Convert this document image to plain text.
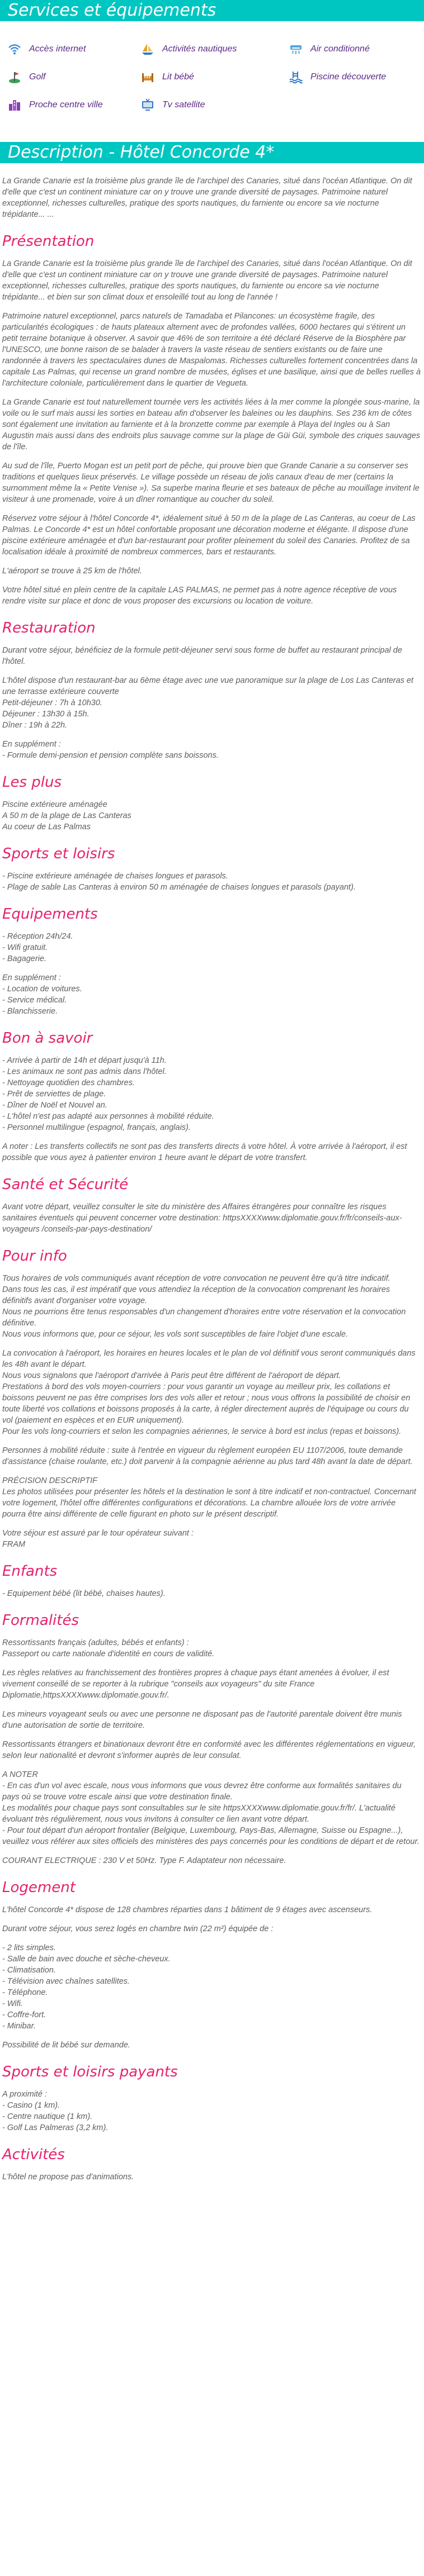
Services et équipements
Accès internet	Activités nautiques	Air conditionné
Golf	Lit bébé	Piscine découverte
Proche centre ville	Tv satellite
Description - Hôtel Concorde 4*

La Grande Canarie est la troisième plus grande île de l'archipel des Canaries, situé dans l'océan Atlantique. On dit d'elle que c'est un continent miniature car on y trouve une grande diversité de paysages. Patrimoine naturel exceptionnel, richesses culturelles, pratique des sports nautiques, du farniente ou encore sa vie nocturne trépidante... ...

Présentation
La Grande Canarie est la troisième plus grande île de l'archipel des Canaries, situé dans l'océan Atlantique. On dit d'elle que c'est un continent miniature car on y trouve une grande diversité de paysages. Patrimoine naturel exceptionnel, richesses culturelles, pratique des sports nautiques, du farniente ou encore sa vie nocturne trépidante... et bien sur son climat doux et ensoleillé tout au long de l'année !
Patrimoine naturel exceptionnel, parcs naturels de Tamadaba et Pilancones: un écosystème fragile, des particularités écologiques : de hauts plateaux alternent avec de profondes vallées, 6000 hectares qui s'étirent un petit terraine botanique à observer. A savoir que 46% de son territoire a été déclaré Réserve de la Biosphère par l'UNESCO, une bonne raison de se balader à travers la vaste réseau de sentiers existants ou de faire une randonnée à travers les spectaculaires dunes de Maspalomas. Richesses culturelles fortement concentrées dans la capitale Las Palmas, qui recense un grand nombre de musées, églises et une basilique, ainsi que de belles ruelles à l'architecture coloniale, particulièrement dans le quartier de Vegueta.
La Grande Canarie est tout naturellement tournée vers les activités liées à la mer comme la plongée sous-marine, la voile ou le surf mais aussi les sorties en bateau afin d'observer les baleines ou les dauphins. Ses 236 km de côtes sont également une invitation au farniente et à la bronzette comme par exemple à Playa del Ingles ou à San Augustin mais aussi dans des endroits plus sauvage comme sur la plage de Güi Güi, symbole des criques sauvages de l'île.
Au sud de l'île, Puerto Mogan est un petit port de pêche, qui prouve bien que Grande Canarie a su conserver ses traditions et quelques lieux préservés. Le village possède un réseau de jolis canaux d'eau de mer (certains la surnomment même la « Petite Venise »). Sa superbe marina fleurie et ses bateaux de pêche au mouillage invitent le visiteur à une promenade, voire à un dîner romantique au coucher du soleil.
Réservez votre séjour à l'hôtel Concorde 4*, idéalement situé à 50 m de la plage de Las Canteras, au coeur de Las Palmas. Le Concorde 4* est un hôtel confortable proposant une décoration moderne et élégante. Il dispose d'une piscine extérieure aménagée et d'un bar-restaurant pour profiter pleinement du soleil des Canaries. Profitez de sa localisation idéale à proximité de nombreux commerces, bars et restaurants.
L'aéroport se trouve à 25 km de l'hôtel.
Votre hôtel situé en plein centre de la capitale LAS PALMAS, ne permet pas à notre agence réceptive de vous rendre visite sur place et donc de vous proposer des excursions ou location de voiture.
Restauration
Durant votre séjour, bénéficiez de la formule petit-déjeuner servi sous forme de buffet au restaurant principal de l'hôtel.
L'hôtel dispose d'un restaurant-bar au 6ème étage avec une vue panoramique sur la plage de Los Las Canteras et une terrasse extérieure couverte
Petit-déjeuner : 7h à 10h30.
Déjeuner : 13h30 à 15h.
Dîner : 19h à 22h.
En supplément :
- Formule demi-pension et pension complète sans boissons.
Les plus
Piscine extérieure aménagée
A 50 m de la plage de Las Canteras
Au coeur de Las Palmas
Sports et loisirs
- Piscine extérieure aménagée de chaises longues et parasols.
- Plage de sable Las Canteras à environ 50 m aménagée de chaises longues et parasols (payant).
Equipements
- Réception 24h/24.
- Wifi gratuit.
- Bagagerie.
En supplément :
- Location de voitures.
- Service médical.
- Blanchisserie.
Bon à savoir
- Arrivée à partir de 14h et départ jusqu'à 11h.
- Les animaux ne sont pas admis dans l'hôtel.
- Nettoyage quotidien des chambres.
- Prêt de serviettes de plage.
- Dîner de Noël et Nouvel an.
- L'hôtel n'est pas adapté aux personnes à mobilité réduite.
- Personnel multilingue (espagnol, français, anglais).
A noter : Les transferts collectifs ne sont pas des transferts directs à votre hôtel. À votre arrivée à l'aéroport, il est possible que vous ayez à patienter environ 1 heure avant le départ de votre transfert.
Santé et Sécurité
Avant votre départ, veuillez consulter le site du ministère des Affaires étrangères pour connaître les risques sanitaires éventuels qui peuvent concerner votre destination: httpsXXXXwww.diplomatie.gouv.fr/fr/conseils-aux-voyageurs /conseils-par-pays-destination/
Pour info
Tous horaires de vols communiqués avant réception de votre convocation ne peuvent être qu'à titre indicatif.
Dans tous les cas, il est impératif que vous attendiez la réception de la convocation comprenant les horaires définitifs avant d'organiser votre voyage.
Nous ne pourrions être tenus responsables d'un changement d'horaires entre votre réservation et la convocation définitive.
Nous vous informons que, pour ce séjour, les vols sont susceptibles de faire l'objet d'une escale.
La convocation à l'aéroport, les horaires en heures locales et le plan de vol définitif vous seront communiqués dans les 48h avant le départ.
Nous vous signalons que l'aéroport d'arrivée à Paris peut être différent de l'aéroport de départ.
Prestations à bord des vols moyen-courriers : pour vous garantir un voyage au meilleur prix, les collations et boissons peuvent ne pas être comprises lors des vols aller et retour ; nous vous offrons la possibilité de choisir en toute liberté vos collations et boissons proposés à la carte, à régler directement auprès de l'équipage ou cours du vol (paiement en espèces et en EUR uniquement).
Pour les vols long-courriers et selon les compagnies aériennes, le service à bord est inclus (repas et boissons).
Personnes à mobilité réduite : suite à l'entrée en vigueur du règlement européen EU 1107/2006, toute demande d'assistance (chaise roulante, etc.) doit parvenir à la compagnie aérienne au plus tard 48h avant la date de départ.
PRÉCISION DESCRIPTIF
Les photos utilisées pour présenter les hôtels et la destination le sont à titre indicatif et non-contractuel. Concernant votre logement, l'hôtel offre différentes configurations et décorations. La chambre allouée lors de votre arrivée pourra être ainsi différente de celle figurant en photo sur le présent descriptif.
Votre séjour est assuré par le tour opérateur suivant :
FRAM
Enfants
- Equipement bébé (lit bébé, chaises hautes).
Formalités
Ressortissants français (adultes, bébés et enfants) :
Passeport ou carte nationale d'identité en cours de validité.
Les règles relatives au franchissement des frontières propres à chaque pays étant amenées à évoluer, il est vivement conseillé de se reporter à la rubrique "conseils aux voyageurs" du site France Diplomatie,httpsXXXXwww.diplomatie.gouv.fr/.
Les mineurs voyageant seuls ou avec une personne ne disposant pas de l'autorité parentale doivent être munis d'une autorisation de sortie de territoire.
Ressortissants étrangers et binationaux devront être en conformité avec les différentes réglementations en vigueur, selon leur nationalité et devront s'informer auprès de leur consulat.
A NOTER
- En cas d'un vol avec escale, nous vous informons que vous devrez être conforme aux formalités sanitaires du pays où se trouve votre escale ainsi que votre destination finale.
Les modalités pour chaque pays sont consultables sur le site httpsXXXXwww.diplomatie.gouv.fr/fr/. L'actualité évoluant très régulièrement, nous vous invitons à consulter ce lien avant votre départ.
- Pour tout départ d'un aéroport frontalier (Belgique, Luxembourg, Pays-Bas, Allemagne, Suisse ou Espagne...), veuillez vous référer aux sites officiels des ministères des pays concernés pour les conditions de départ et de retour.
COURANT ELECTRIQUE : 230 V et 50Hz. Type F. Adaptateur non nécessaire.
Logement
L'hôtel Concorde 4* dispose de 128 chambres réparties dans 1 bâtiment de 9 étages avec ascenseurs.
Durant votre séjour, vous serez logés en chambre twin (22 m²) équipée de :
- 2 lits simples.
- Salle de bain avec douche et sèche-cheveux.
- Climatisation.
- Télévision avec chaînes satellites.
- Téléphone.
- Wifi.
- Coffre-fort.
- Minibar.
Possibilité de lit bébé sur demande.
Sports et loisirs payants
A proximité :
- Casino (1 km).
- Centre nautique (1 km).
- Golf Las Palmeras (3,2 km).
Activités
L'hôtel ne propose pas d'animations.
